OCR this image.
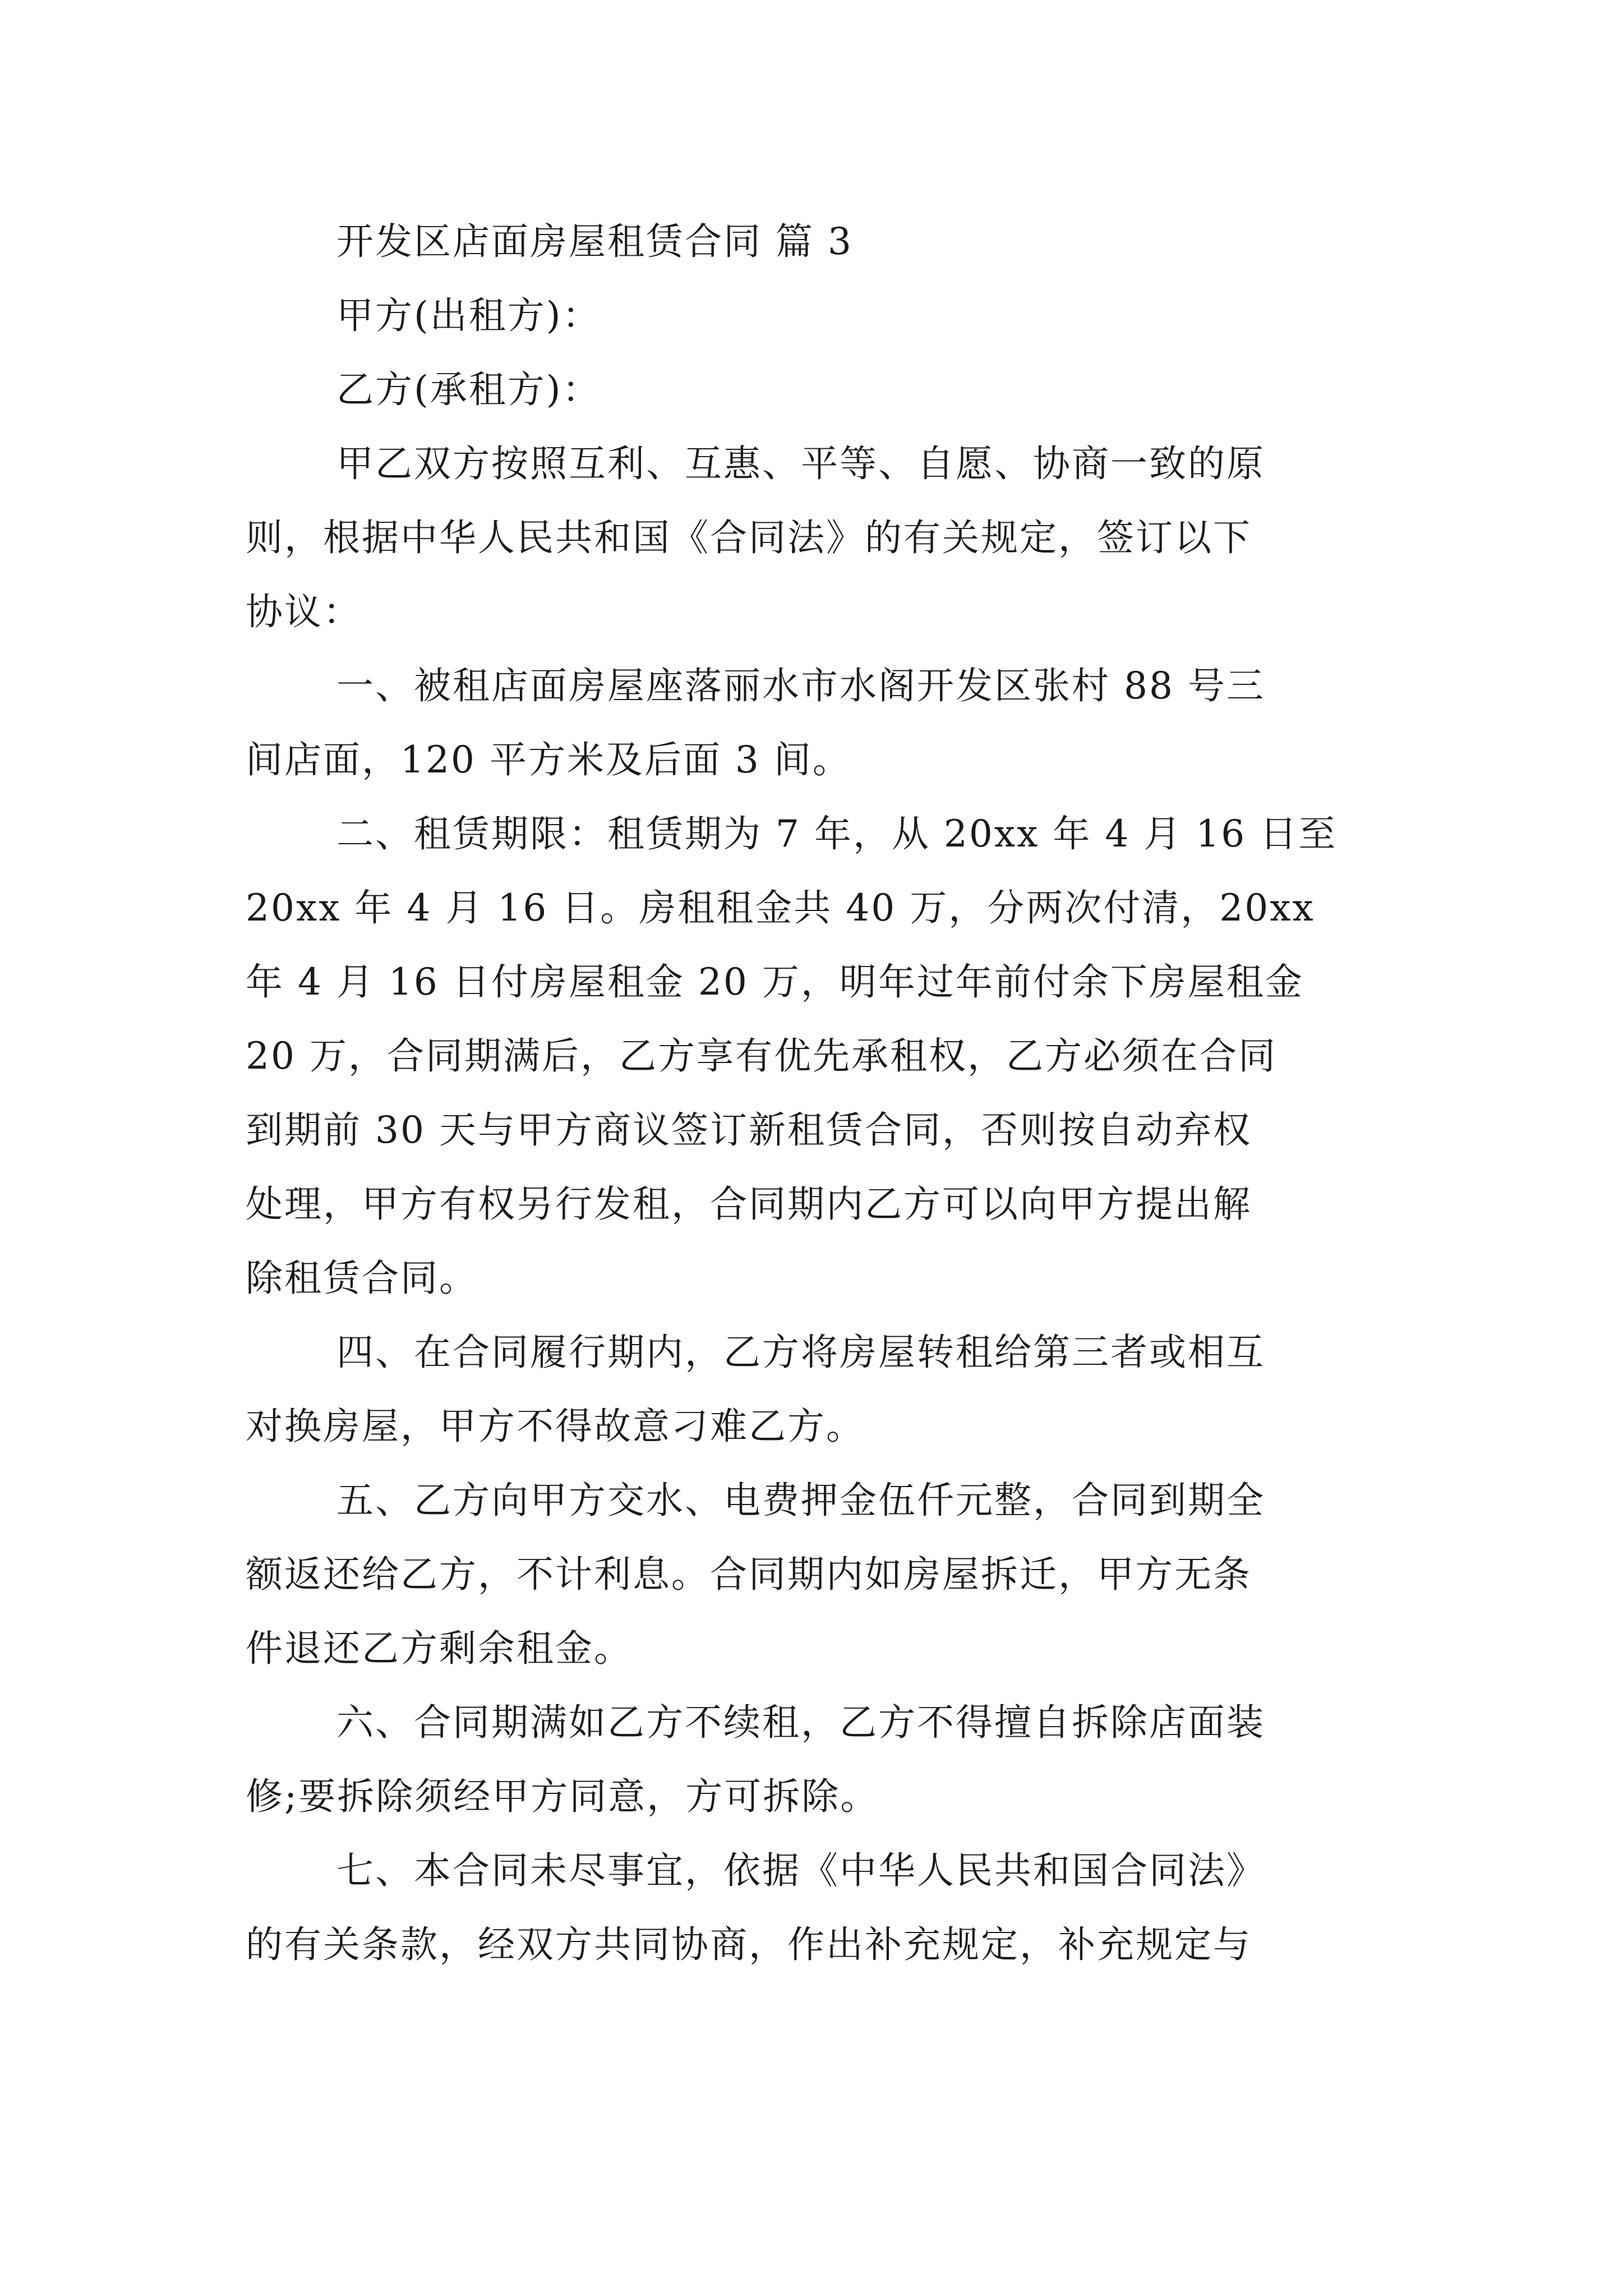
开发区店面房屋租赁合同 篇 3
甲方(出租方)：
乙方(承租方)：
甲乙双方按照互利、互惠、平等、自愿、协商一致的原
则，根据中华人民共和国《合同法》的有关规定，签订以下
协议：
一、被租店面房屋座落丽水市水阁开发区张村 88 号三
间店面，120 平方米及后面 3 间。
二、租赁期限：租赁期为 7 年，从 20xx 年 4 月 16 日至
20xx 年 4 月 16 日。房租租金共 40 万，分两次付清，20xx
年 4 月 16 日付房屋租金 20 万，明年过年前付余下房屋租金
20 万，合同期满后，乙方享有优先承租权，乙方必须在合同
到期前 30 天与甲方商议签订新租赁合同，否则按自动弃权
处理，甲方有权另行发租，合同期内乙方可以向甲方提出解
除租赁合同。
四、在合同履行期内，乙方将房屋转租给第三者或相互
对换房屋，甲方不得故意刁难乙方。
五、乙方向甲方交水、电费押金伍仟元整，合同到期全
额返还给乙方，不计利息。合同期内如房屋拆迁，甲方无条
件退还乙方剩余租金。
六、合同期满如乙方不续租，乙方不得擅自拆除店面装
修;要拆除须经甲方同意，方可拆除。
七、本合同未尽事宜，依据《中华人民共和国合同法》
的有关条款，经双方共同协商，作出补充规定，补充规定与
